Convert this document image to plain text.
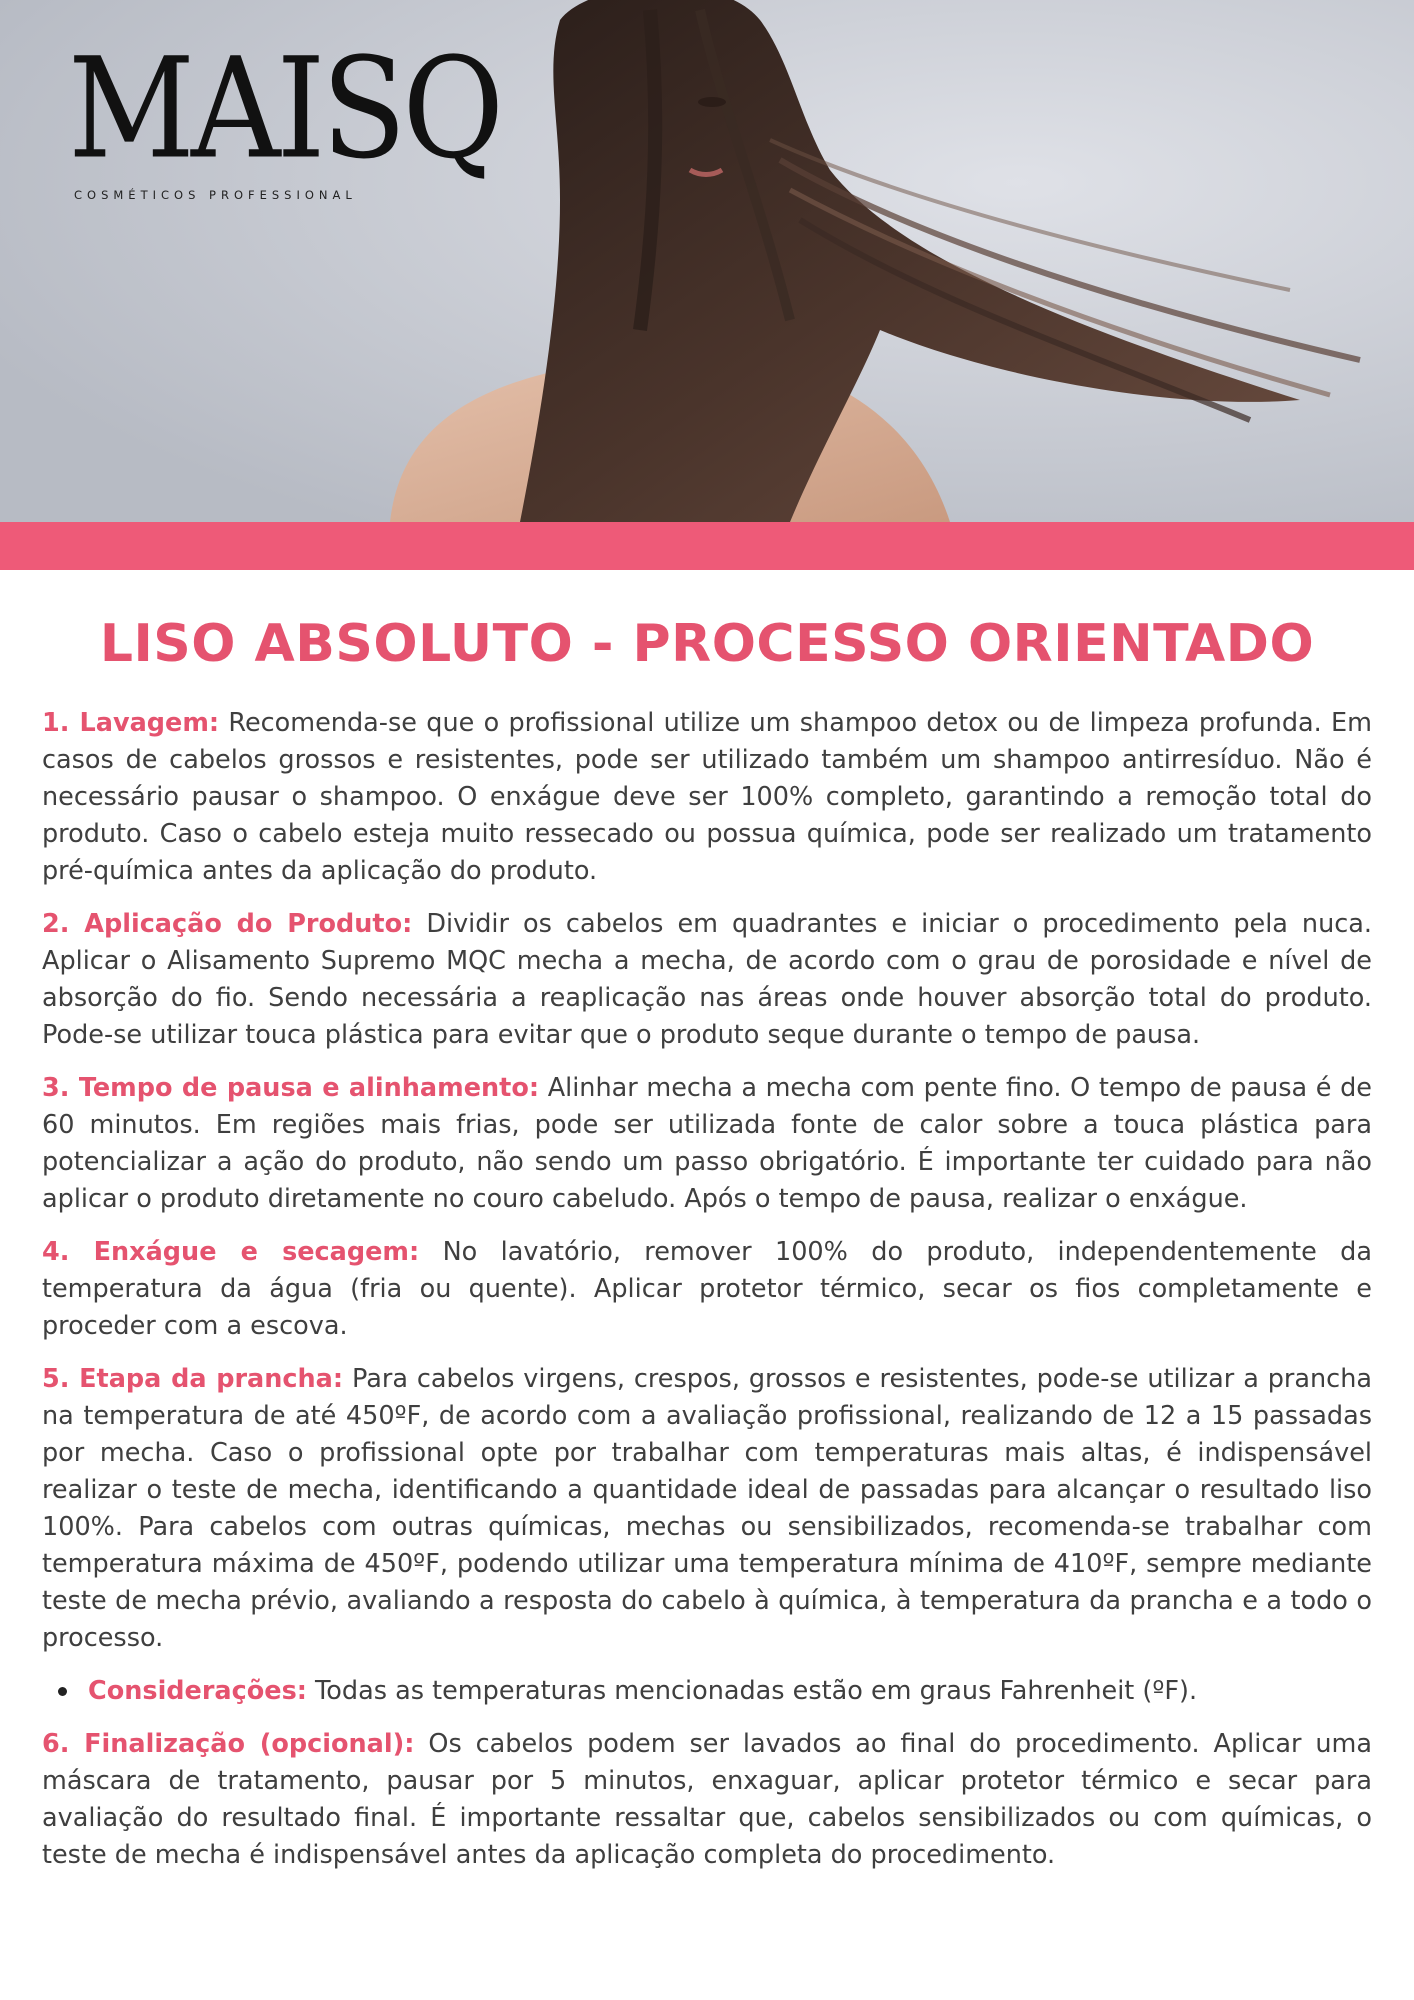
MAISQ
COSMÉTICOS PROFESSIONAL
LISO ABSOLUTO - PROCESSO ORIENTADO

1. Lavagem: Recomenda-se que o profissional utilize um shampoo detox ou de limpeza profunda. Em casos de cabelos grossos e resistentes, pode ser utilizado também um shampoo antirresíduo. Não é necessário pausar o shampoo. O enxágue deve ser 100% completo, garantindo a remoção total do produto. Caso o cabelo esteja muito ressecado ou possua química, pode ser realizado um tratamento pré-química antes da aplicação do produto.

2. Aplicação do Produto: Dividir os cabelos em quadrantes e iniciar o procedimento pela nuca. Aplicar o Alisamento Supremo MQC mecha a mecha, de acordo com o grau de porosidade e nível de absorção do fio. Sendo necessária a reaplicação nas áreas onde houver absorção total do produto. Pode-se utilizar touca plástica para evitar que o produto seque durante o tempo de pausa.

3. Tempo de pausa e alinhamento: Alinhar mecha a mecha com pente fino. O tempo de pausa é de 60 minutos. Em regiões mais frias, pode ser utilizada fonte de calor sobre a touca plástica para potencializar a ação do produto, não sendo um passo obrigatório. É importante ter cuidado para não aplicar o produto diretamente no couro cabeludo. Após o tempo de pausa, realizar o enxágue.

4. Enxágue e secagem: No lavatório, remover 100% do produto, independentemente da temperatura da água (fria ou quente). Aplicar protetor térmico, secar os fios completamente e proceder com a escova.

5. Etapa da prancha: Para cabelos virgens, crespos, grossos e resistentes, pode-se utilizar a prancha na temperatura de até 450ºF, de acordo com a avaliação profissional, realizando de 12 a 15 passadas por mecha. Caso o profissional opte por trabalhar com temperaturas mais altas, é indispensável realizar o teste de mecha, identificando a quantidade ideal de passadas para alcançar o resultado liso 100%. Para cabelos com outras químicas, mechas ou sensibilizados, recomenda-se trabalhar com temperatura máxima de 450ºF, podendo utilizar uma temperatura mínima de 410ºF, sempre mediante teste de mecha prévio, avaliando a resposta do cabelo à química, à temperatura da prancha e a todo o processo.

Considerações: Todas as temperaturas mencionadas estão em graus Fahrenheit (ºF).

6. Finalização (opcional): Os cabelos podem ser lavados ao final do procedimento. Aplicar uma máscara de tratamento, pausar por 5 minutos, enxaguar, aplicar protetor térmico e secar para avaliação do resultado final. É importante ressaltar que, cabelos sensibilizados ou com químicas, o teste de mecha é indispensável antes da aplicação completa do procedimento.
